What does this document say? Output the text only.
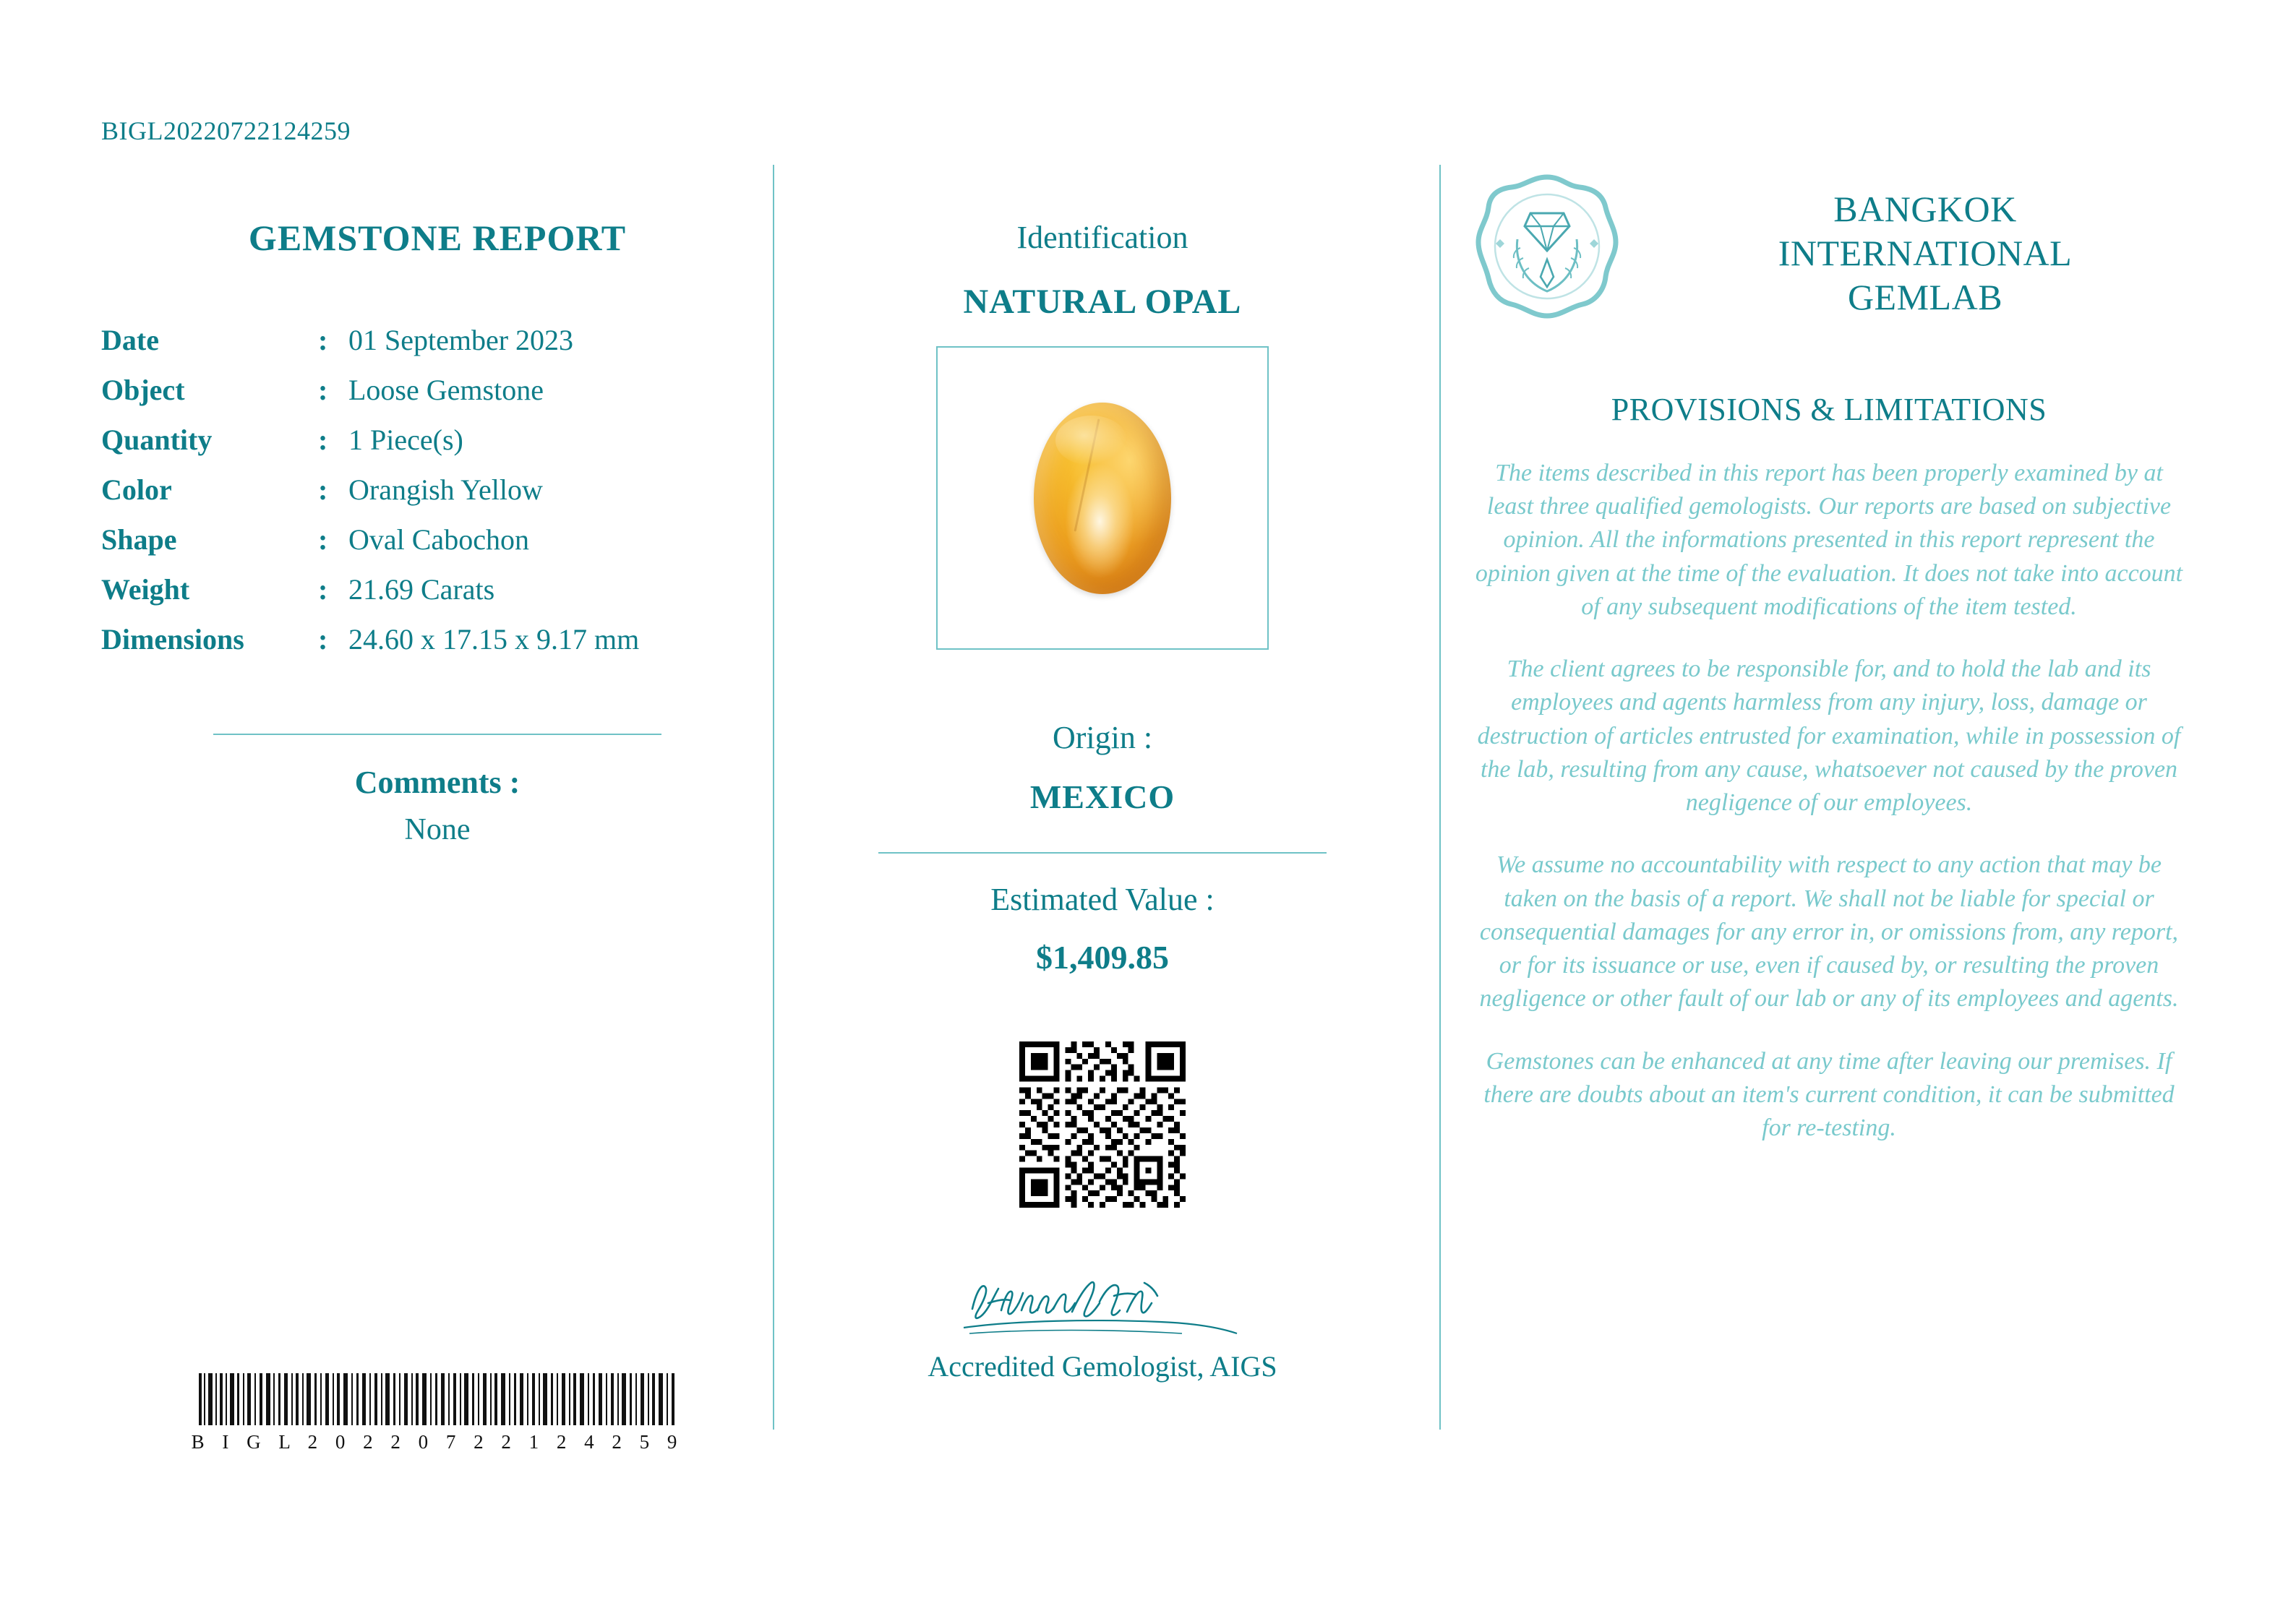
BIGL20220722124259
GEMSTONE REPORT
Date	:	01 September 2023
Object	:	Loose Gemstone
Quantity	:	1 Piece(s)
Color	:	Orangish Yellow
Shape	:	Oval Cabochon
Weight	:	21.69 Carats
Dimensions	:	24.60 x 17.15 x 9.17 mm
Comments :
None
B I G L 2 0 2 2 0 7 2 2 1 2 4 2 5 9
Identification
NATURAL OPAL
Origin :
MEXICO
Estimated Value :
$1,409.85
Accredited Gemologist, AIGS
BANGKOK
INTERNATIONAL
GEMLAB
PROVISIONS & LIMITATIONS
The items described in this report has been properly examined by at least three qualified gemologists. Our reports are based on subjective opinion. All the informations presented in this report represent the opinion given at the time of the evaluation. It does not take into account of any subsequent modifications of the item tested.
The client agrees to be responsible for, and to hold the lab and its employees and agents harmless from any injury, loss, damage or destruction of articles entrusted for examination, while in possession of the lab, resulting from any cause, whatsoever not caused by the proven negligence of our employees.
We assume no accountability with respect to any action that may be taken on the basis of a report. We shall not be liable for special or consequential damages for any error in, or omissions from, any report, or for its issuance or use, even if caused by, or resulting the proven negligence or other fault of our lab or any of its employees and agents.
Gemstones can be enhanced at any time after leaving our premises. If there are doubts about an item's current condition, it can be submitted for re-testing.
